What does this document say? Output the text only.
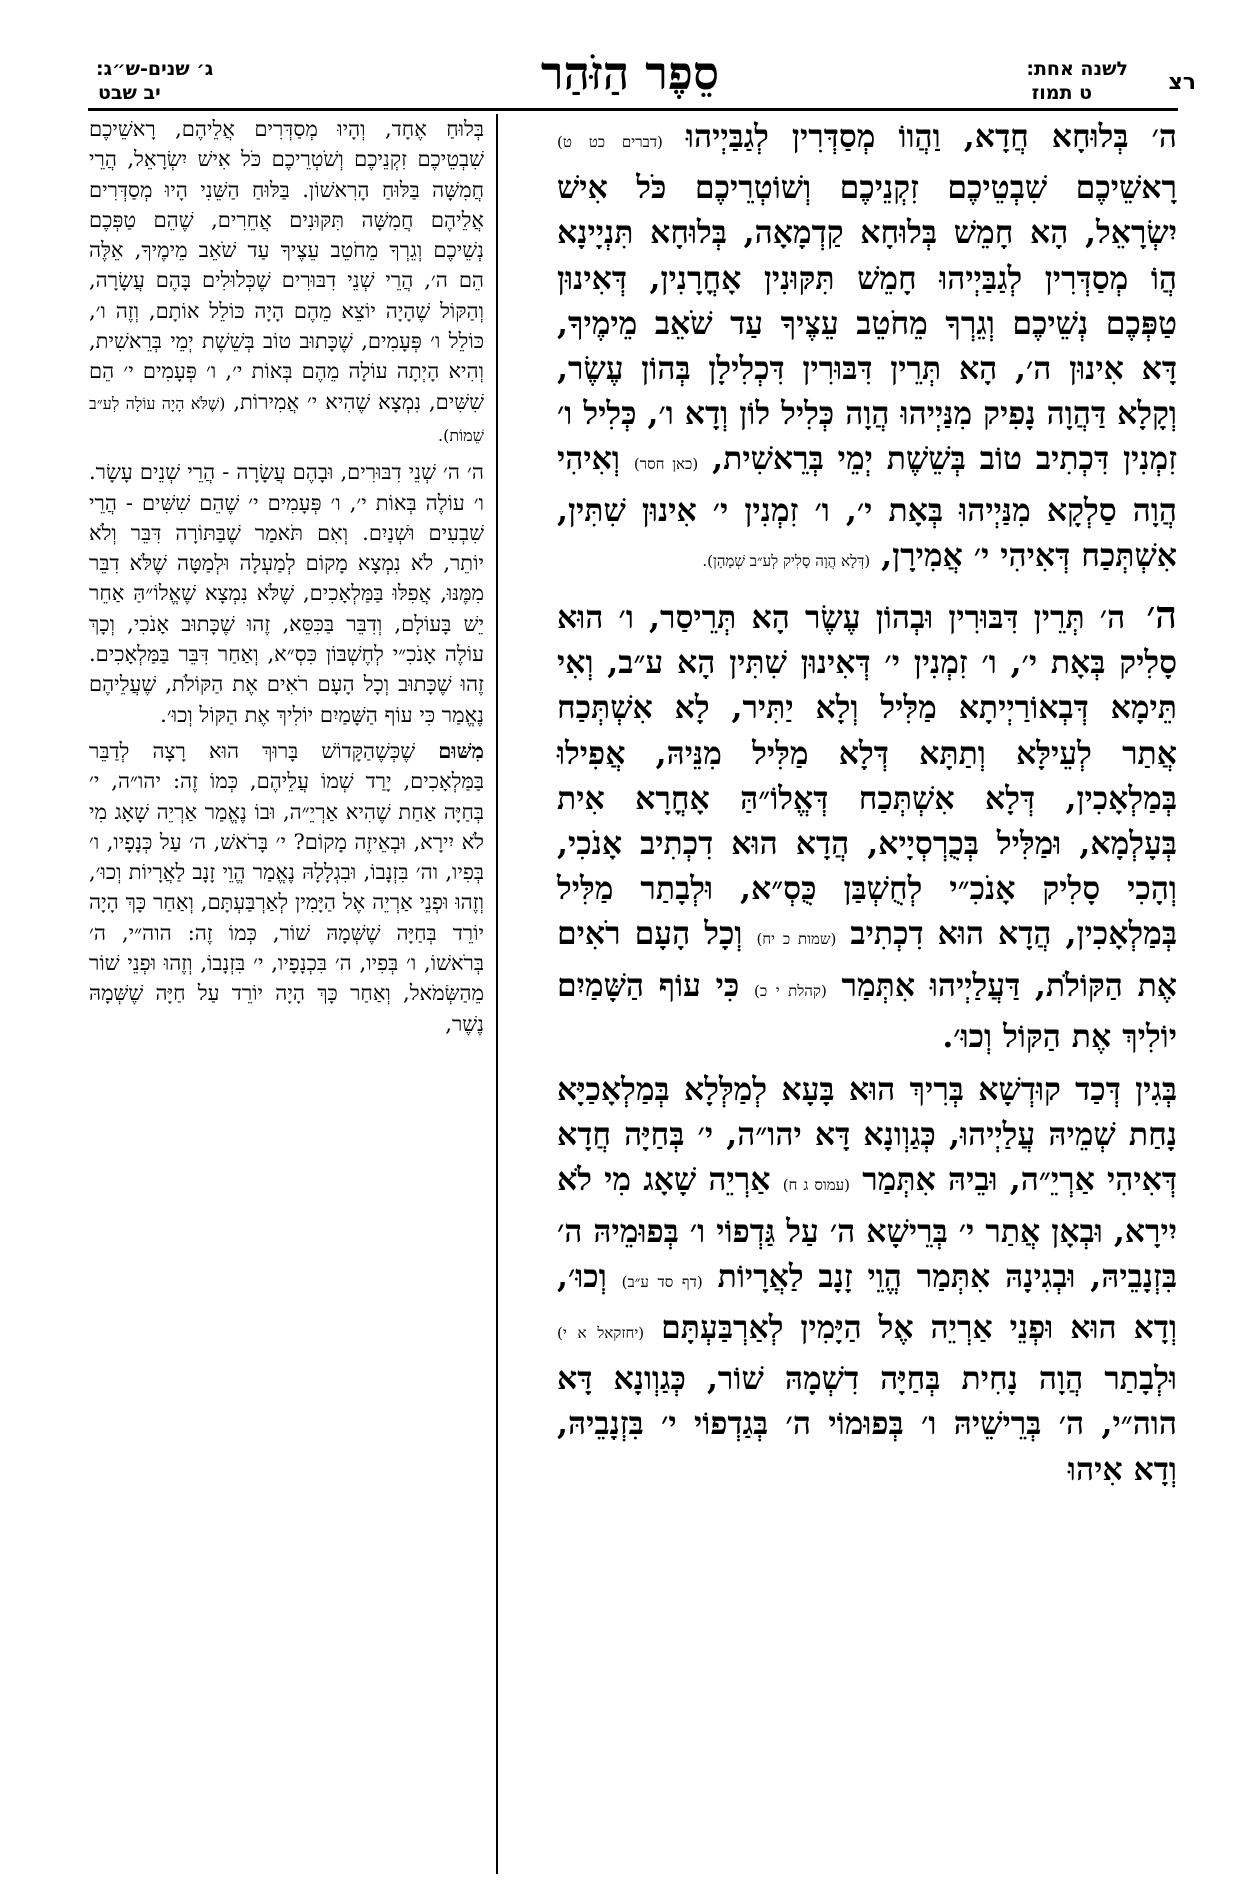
רצ
לשנה אחת:
ט תמוז
סֵפֶר הַזֹּהַר
ג׳ שנים-ש״ג:
יב שבט

ה׳ בְּלוּחָא חֲדָא, וַהֲווֹ מְסַדְּרִין לְגַבַּיְיהוּ (דברים כט ט) רָאשֵׁיכֶם שִׁבְטֵיכֶם זִקְנֵיכֶם וְשׁוֹטְרֵיכֶם כֹּל אִישׁ יִשְׂרָאֵל, הָא חָמֵשׁ בְּלוּחָא קַדְמָאָה, בְּלוּחָא תִּנְיָינָא הֲוֹ מְסַדְּרִין לְגַבַּיְיהוּ חָמֵשׁ תִּקּוּנִין אָחֳרָנִין, דְּאִינוּן טַפְּכֶם נְשֵׁיכֶם וְגֵרְךָ מֵחֹטֵב עֵצֶיךָ עַד שֹׁאֵב מֵימֶיךָ, דָּא אִינוּן ה׳, הָא תְּרֵין דִּבּוּרִין דִּכְלִילָן בְּהוֹן עֶשֶׂר, וְקָלָא דַּהֲוָה נָפִיק מִנַּיְיהוּ הֲוָה כְּלִיל לוֹן וְדָא ו׳, כְּלִיל ו׳ זִמְנִין דִּכְתִיב טוֹב בְּשֵׁשֶׁת יְמֵי בְּרֵאשִׁית, (כאן חסר) וְאִיהִי הֲוָה סַלְקָא מִנַּיְיהוּ בְּאָת י׳, ו׳ זִמְנִין י׳ אִינוּן שִׁתִּין, אִשְׁתְּכַח דְּאִיהִי י׳ אֲמִירָן, (דְּלָא הֲוָה סָלִיק לְע״ב שְׁמָהָן).

ה׳ ה׳ תְּרֵין דִּבּוּרִין וּבְהוֹן עֶשֶׂר הָא תְּרֵיסַר, ו׳ הוּא סָלִיק בְּאָת י׳, ו׳ זִמְנִין י׳ דְּאִינוּן שִׁתִּין הָא ע״ב, וְאִי תֵּימָא דְּבְאוֹרַיְיתָא מַלִּיל וְלָא יַתִּיר, לָא אִשְׁתְּכַח אֲתַר לְעֵילָּא וְתַתָּא דְּלָא מַלִּיל מִנֵּיהּ, אֲפִילוּ בְּמַלְאָכִין, דְּלָא אִשְׁתְּכַח דְּאֱלוֹ״הַּ אָחֳרָא אִית בְּעָלְמָא, וּמַלִּיל בְּכֻרְסְיָיא, הֲדָא הוּא דִכְתִיב אָנֹכִי, וְהָכִי סָלִיק אָנֹכִ״י לְחֻשְׁבַּן כֻּסְ״א, וּלְבָתַר מַלִּיל בְּמַלְאָכִין, הֲדָא הוּא דִכְתִיב (שמות כ יח) וְכָל הָעָם רֹאִים אֶת הַקּוֹלֹת, דַּעֲלַיְיהוּ אִתְּמַר (קהלת י כ) כִּי עוֹף הַשָּׁמַיִם יוֹלִיךְ אֶת הַקּוֹל וְכוּ׳.

בְּגִין דְּכַד קוּדְשָׁא בְּרִיךְ הוּא בָּעָא לְמַלְּלָא בְּמַלְאָכַיָּא נָחַת שְׁמֵיהּ עֲלַיְיהוּ, כְּגַוְונָא דָּא יהו״ה, י׳ בְּחַיָּה חֲדָא דְּאִיהִי אַרְיֵ״ה, וּבֵיהּ אִתְּמַר (עמוס ג ח) אַרְיֵה שָׁאָג מִי לֹא יִירָא, וּבְאָן אֲתַר י׳ בְּרֵישָׁא ה׳ עַל גַּדְפוֹי ו׳ בְּפוּמֵיהּ ה׳ בִּזְנָבֵיהּ, וּבְגִינָהּ אִתְּמַר הֱוֵי זָנָב לַאֲרָיוֹת (דף סד ע״ב) וְכוּ׳, וְדָא הוּא וּפְנֵי אַרְיֵה אֶל הַיָּמִין לְאַרְבַּעְתָּם (יחזקאל א י) וּלְבָתַר הֲוָה נָחִית בְּחַיָּה דִשְׁמָהּ שׁוֹר, כְּגַוְונָא דָּא הוה״י, ה׳ בְּרֵישֵׁיהּ ו׳ בְּפוּמוֹי ה׳ בְּגַדְפוֹי י׳ בִּזְנָבֵיהּ, וְדָא אִיהוּ

בְּלוּחַ אֶחָד, וְהָיוּ מְסַדְּרִים אֲלֵיהֶם, רָאשֵׁיכֶם שִׁבְטֵיכֶם זִקְנֵיכֶם וְשֹׁטְרֵיכֶם כֹּל אִישׁ יִשְׂרָאֵל, הֲרֵי חֲמִשָּׁה בַּלּוּחַ הָרִאשׁוֹן. בַּלּוּחַ הַשֵּׁנִי הָיוּ מְסַדְּרִים אֲלֵיהֶם חֲמִשָּׁה תִּקּוּנִים אֲחֵרִים, שֶׁהֵם טַפְּכֶם נְשֵׁיכֶם וְגֵרְךָ מֵחֹטֵב עֵצֶיךָ עַד שֹׁאֵב מֵימֶיךָ, אֵלֶּה הֵם ה׳, הֲרֵי שְׁנֵי דִבּוּרִים שֶׁכְּלוּלִים בָּהֶם עֲשָׂרָה, וְהַקּוֹל שֶׁהָיָה יוֹצֵא מֵהֶם הָיָה כּוֹלֵל אוֹתָם, וְזֶה ו׳, כּוֹלֵל ו׳ פְּעָמִים, שֶׁכָּתוּב טוֹב בְּשֵׁשֶׁת יְמֵי בְּרֵאשִׁית, וְהִיא הָיְתָה עוֹלָה מֵהֶם בְּאוֹת י׳, ו׳ פְּעָמִים י׳ הֵם שִׁשִּׁים, נִמְצָא שֶׁהִיא י׳ אֲמִירוֹת, (שֶׁלֹּא הָיָה עוֹלָה לְע״ב שֵׁמוֹת).

ה׳ ה׳ שְׁנֵי דִבּוּרִים, וּבָהֶם עֲשָׂרָה - הֲרֵי שְׁנֵים עָשָׂר. ו׳ עוֹלֶה בְּאוֹת י׳, ו׳ פְּעָמִים י׳ שֶׁהֵם שִׁשִּׁים - הֲרֵי שִׁבְעִים וּשְׁנַיִם. וְאִם תֹּאמַר שֶׁבַּתּוֹרָה דִּבֵּר וְלֹא יוֹתֵר, לֹא נִמְצָא מָקוֹם לְמַעְלָה וּלְמַטָּה שֶׁלֹּא דִבֵּר מִמֶּנּוּ, אֲפִלּוּ בַּמַּלְאָכִים, שֶׁלֹּא נִמְצָא שֶׁאֱלוֹ״הַּ אַחֵר יֵשׁ בָּעוֹלָם, וְדִבֵּר בַּכִּסֵּא, זֶהוּ שֶׁכָּתוּב אָנֹכִי, וְכָךְ עוֹלֶה אָנֹכִ״י לְחֶשְׁבּוֹן כִּסְ״א, וְאַחַר דִּבֵּר בַּמַּלְאָכִים. זֶהוּ שֶׁכָּתוּב וְכָל הָעָם רֹאִים אֶת הַקּוֹלֹת, שֶׁעֲלֵיהֶם נֶאֱמַר כִּי עוֹף הַשָּׁמַיִם יוֹלִיךְ אֶת הַקּוֹל וְכוּ׳.

מִשּׁוּם שֶׁכְּשֶׁהַקָּדוֹשׁ בָּרוּךְ הוּא רָצָה לְדַבֵּר בַּמַּלְאָכִים, יָרַד שְׁמוֹ עֲלֵיהֶם, כְּמוֹ זֶה: יהו״ה, י׳ בְּחַיָּה אַחַת שֶׁהִיא אַרְיֵ״ה, וּבוֹ נֶאֱמַר אַרְיֵה שָׁאָג מִי לֹא יִירָא, וּבְאֵיזֶה מָקוֹם? י׳ בָּרֹאשׁ, ה׳ עַל כְּנָפָיו, ו׳ בְּפִיו, וה׳ בִּזְנָבוֹ, וּבִגְלָלָהּ נֶאֱמַר הֱוֵי זָנָב לַאֲרָיוֹת וְכוּ׳, וְזֶהוּ וּפְנֵי אַרְיֵה אֶל הַיָּמִין לְאַרְבַּעְתָּם, וְאַחַר כָּךְ הָיָה יוֹרֵד בְּחַיָּה שֶׁשְּׁמָהּ שׁוֹר, כְּמוֹ זֶה: הוה״י, ה׳ בְּרֹאשׁוֹ, ו׳ בְּפִיו, ה׳ בִּכְנָפָיו, י׳ בִּזְנָבוֹ, וְזֶהוּ וּפְנֵי שׁוֹר מֵהַשְּׂמֹאל, וְאַחַר כָּךְ הָיָה יוֹרֵד עַל חַיָּה שֶׁשְּׁמָהּ נֶשֶׁר,
